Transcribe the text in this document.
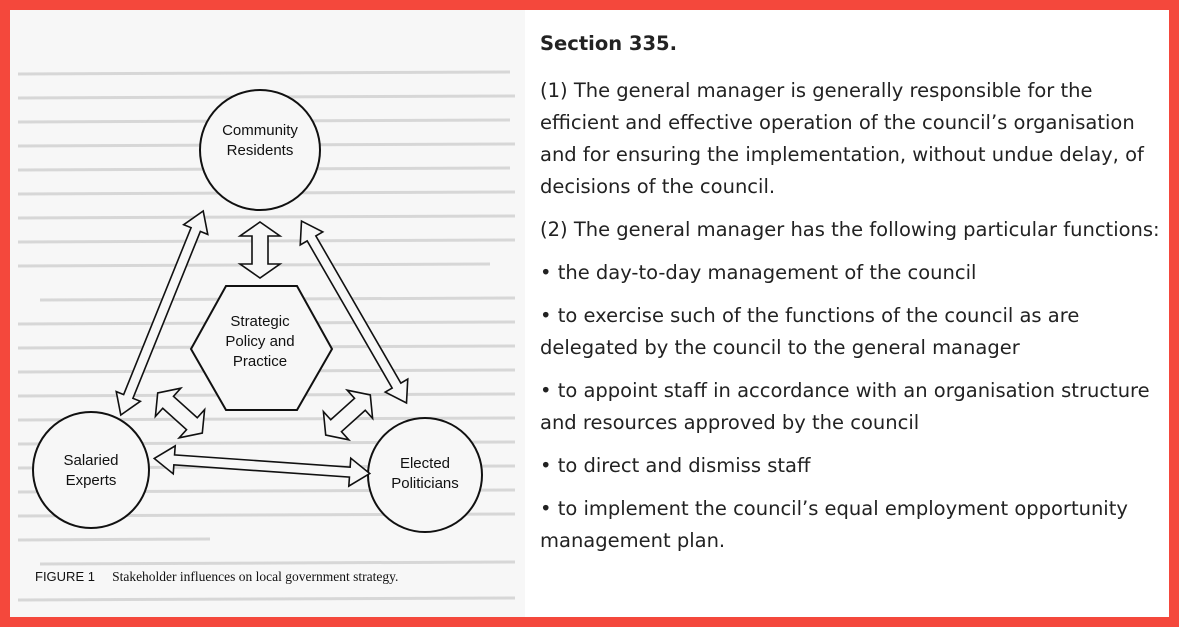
Community
Residents
Strategic
Policy and
Practice
Salaried
Experts
Elected
Politicians
FIGURE 1 Stakeholder influences on local government strategy.

Section 335.

(1) The general manager is generally responsible for the efficient and effective operation of the council’s organisation and for ensuring the implementation, without undue delay, of decisions of the council.

(2) The general manager has the following particular functions:

• the day-to-day management of the council

• to exercise such of the functions of the council as are delegated by the council to the general manager

• to appoint staff in accordance with an organisation structure and resources approved by the council

• to direct and dismiss staff

• to implement the council’s equal employment opportunity management plan.
